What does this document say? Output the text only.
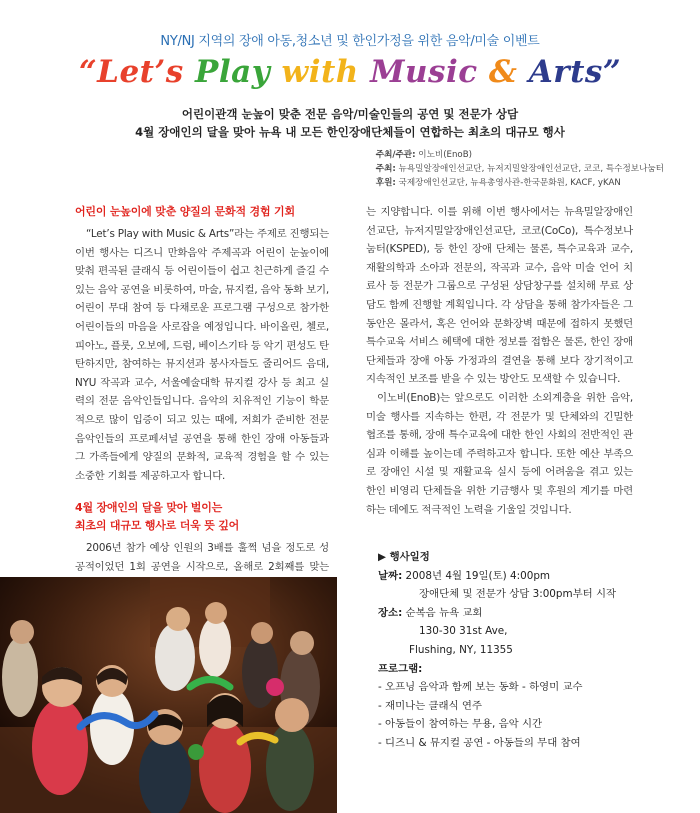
NY/NJ 지역의 장애 아동,청소년 및 한인가정을 위한 음악/미술 이벤트
“Let’s Play with Music & Arts”
어린이관객 눈높이 맞춘 전문 음악/미술인들의 공연 및 전문가 상담
4월 장애인의 달을 맞아 뉴욕 내 모든 한인장애단체들이 연합하는 최초의 대규모 행사
주최/주관: 이노비(EnoB)
주최: 뉴욕밀알장애인선교단, 뉴저지밀알장애인선교단, 코코, 특수정보나눔터
후원: 국제장애인선교단, 뉴욕총영사관-한국문화원, KACF, yKAN
어린이 눈높이에 맞춘 양질의 문화적 경험 기회

“Let’s Play with Music & Arts”라는 주제로 진행되는 이번 행사는 디즈니 만화음악 주제곡과 어린이 눈높이에 맞춰 편곡된 클래식 등 어린이들이 쉽고 친근하게 즐길 수 있는 음악 공연을 비롯하여, 마술, 뮤지컬, 음악 동화 보기, 어린이 무대 참여 등 다채로운 프로그램 구성으로 참가한 어린이들의 마음을 사로잡을 예정입니다. 바이올린, 첼로, 피아노, 플룻, 오보에, 드럼, 베이스기타 등 악기 편성도 탄탄하지만, 참여하는 뮤지션과 봉사자들도 줄리어드 음대, NYU 작곡과 교수, 서울예술대학 뮤지컬 강사 등 최고 실력의 전문 음악인들입니다. 음악의 치유적인 기능이 학문적으로 많이 입증이 되고 있는 때에, 저희가 준비한 전문 음악인들의 프로페셔널 공연을 통해 한인 장애 아동들과 그 가족들에게 양질의 문화적, 교육적 경험을 할 수 있는 소중한 기회를 제공하고자 합니다.

4월 장애인의 달을 맞아 벌이는
최초의 대규모 행사로 더욱 뜻 깊어

2006년 참가 예상 인원의 3배를 훌쩍 넘을 정도로 성공적이었던 1회 공연을 시작으로, 올해로 2회째를 맞는

는 지양합니다. 이를 위해 이번 행사에서는 뉴욕밀알장애인선교단, 뉴저지밀알장애인선교단, 코코(CoCo), 특수정보나눔터(KSPED), 등 한인 장애 단체는 물론, 특수교육과 교수, 재활의학과 소아과 전문의, 작곡과 교수, 음악 미술 언어 치료사 등 전문가 그룹으로 구성된 상담창구를 설치해 무료 상담도 함께 진행할 계획입니다. 각 상담을 통해 참가자들은 그 동안은 몰라서, 혹은 언어와 문화장벽 때문에 접하지 못했던 특수교육 서비스 혜택에 대한 정보를 접함은 물론, 한인 장애 단체들과 장애 아동 가정과의 결연을 통해 보다 장기적이고 지속적인 보조를 받을 수 있는 방안도 모색할 수 있습니다.

이노비(EnoB)는 앞으로도 이러한 소외계층을 위한 음악, 미술 행사를 지속하는 한편, 각 전문가 및 단체와의 긴밀한 협조를 통해, 장애 특수교육에 대한 한인 사회의 전반적인 관심과 이해를 높이는데 주력하고자 합니다. 또한 예산 부족으로 장애인 시설 및 재활교육 실시 등에 어려움을 겪고 있는 한인 비영리 단체들을 위한 기금행사 및 후원의 계기를 마련하는 데에도 적극적인 노력을 기울일 것입니다.

▶ 행사일정
날짜: 2008년 4월 19일(토) 4:00pm
장애단체 및 전문가 상담 3:00pm부터 시작
장소: 순복음 뉴욕 교회
130-30 31st Ave,
Flushing, NY, 11355
프로그램:
- 오프닝 음악과 함께 보는 동화 - 하영미 교수
- 재미나는 클래식 연주
- 아동들이 참여하는 무용, 음악 시간
- 디즈니 & 뮤지컬 공연 - 아동들의 무대 참여
